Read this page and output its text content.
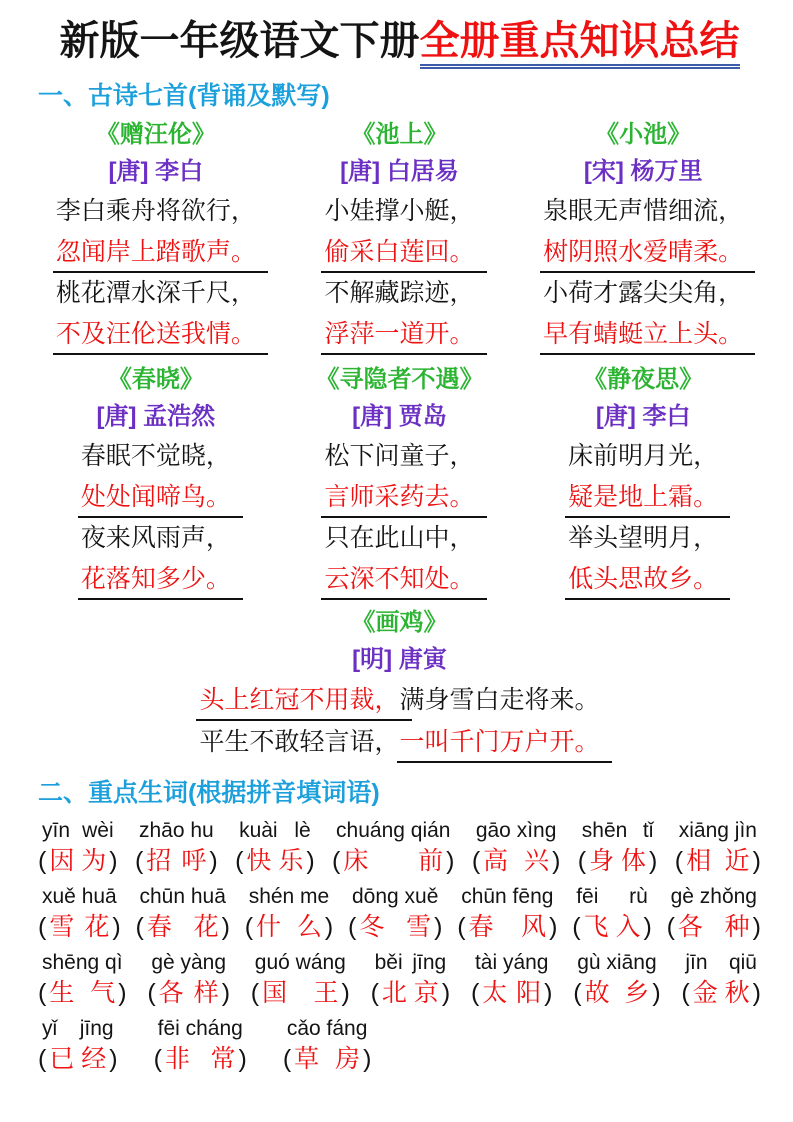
新版一年级语文下册全册重点知识总结
一、古诗七首(背诵及默写)
《赠汪伦》
[唐] 李白
李白乘舟将欲行，
忽闻岸上踏歌声。
桃花潭水深千尺，
不及汪伦送我情。
《池上》
[唐] 白居易
小娃撑小艇，
偷采白莲回。
不解藏踪迹，
浮萍一道开。
《小池》
[宋] 杨万里
泉眼无声惜细流，
树阴照水爱晴柔。
小荷才露尖尖角，
早有蜻蜓立上头。
《春晓》
[唐] 孟浩然
春眠不觉晓，
处处闻啼鸟。
夜来风雨声，
花落知多少。
《寻隐者不遇》
[唐] 贾岛
松下问童子，
言师采药去。
只在此山中，
云深不知处。
《静夜思》
[唐] 李白
床前明月光，
疑是地上霜。
举头望明月，
低头思故乡。
《画鸡》
[明] 唐寅
头上红冠不用裁，满身雪白走将来。
平生不敢轻言语，一叫千门万户开。
二、重点生词(根据拼音填词语)
yīn wèi
( 因 为 )
zhāo hu
( 招 呼 )
kuài lè
( 快 乐 )
chuáng qián
( 床 前 )
gāo xìng
( 高 兴 )
shēn tǐ
( 身 体 )
xiāng jìn
( 相 近 )
xuě huā
( 雪 花 )
chūn huā
( 春 花 )
shén me
( 什 么 )
dōng xuě
( 冬 雪 )
chūn fēng
( 春 风 )
fēi rù
( 飞 入 )
gè zhǒng
( 各 种 )
shēng qì
( 生 气 )
gè yàng
( 各 样 )
guó wáng
( 国 王 )
běi jīng
( 北 京 )
tài yáng
( 太 阳 )
gù xiāng
( 故 乡 )
jīn qiū
( 金 秋 )
yǐ jīng
( 已 经 )
fēi cháng
( 非 常 )
cǎo fáng
( 草 房 )
